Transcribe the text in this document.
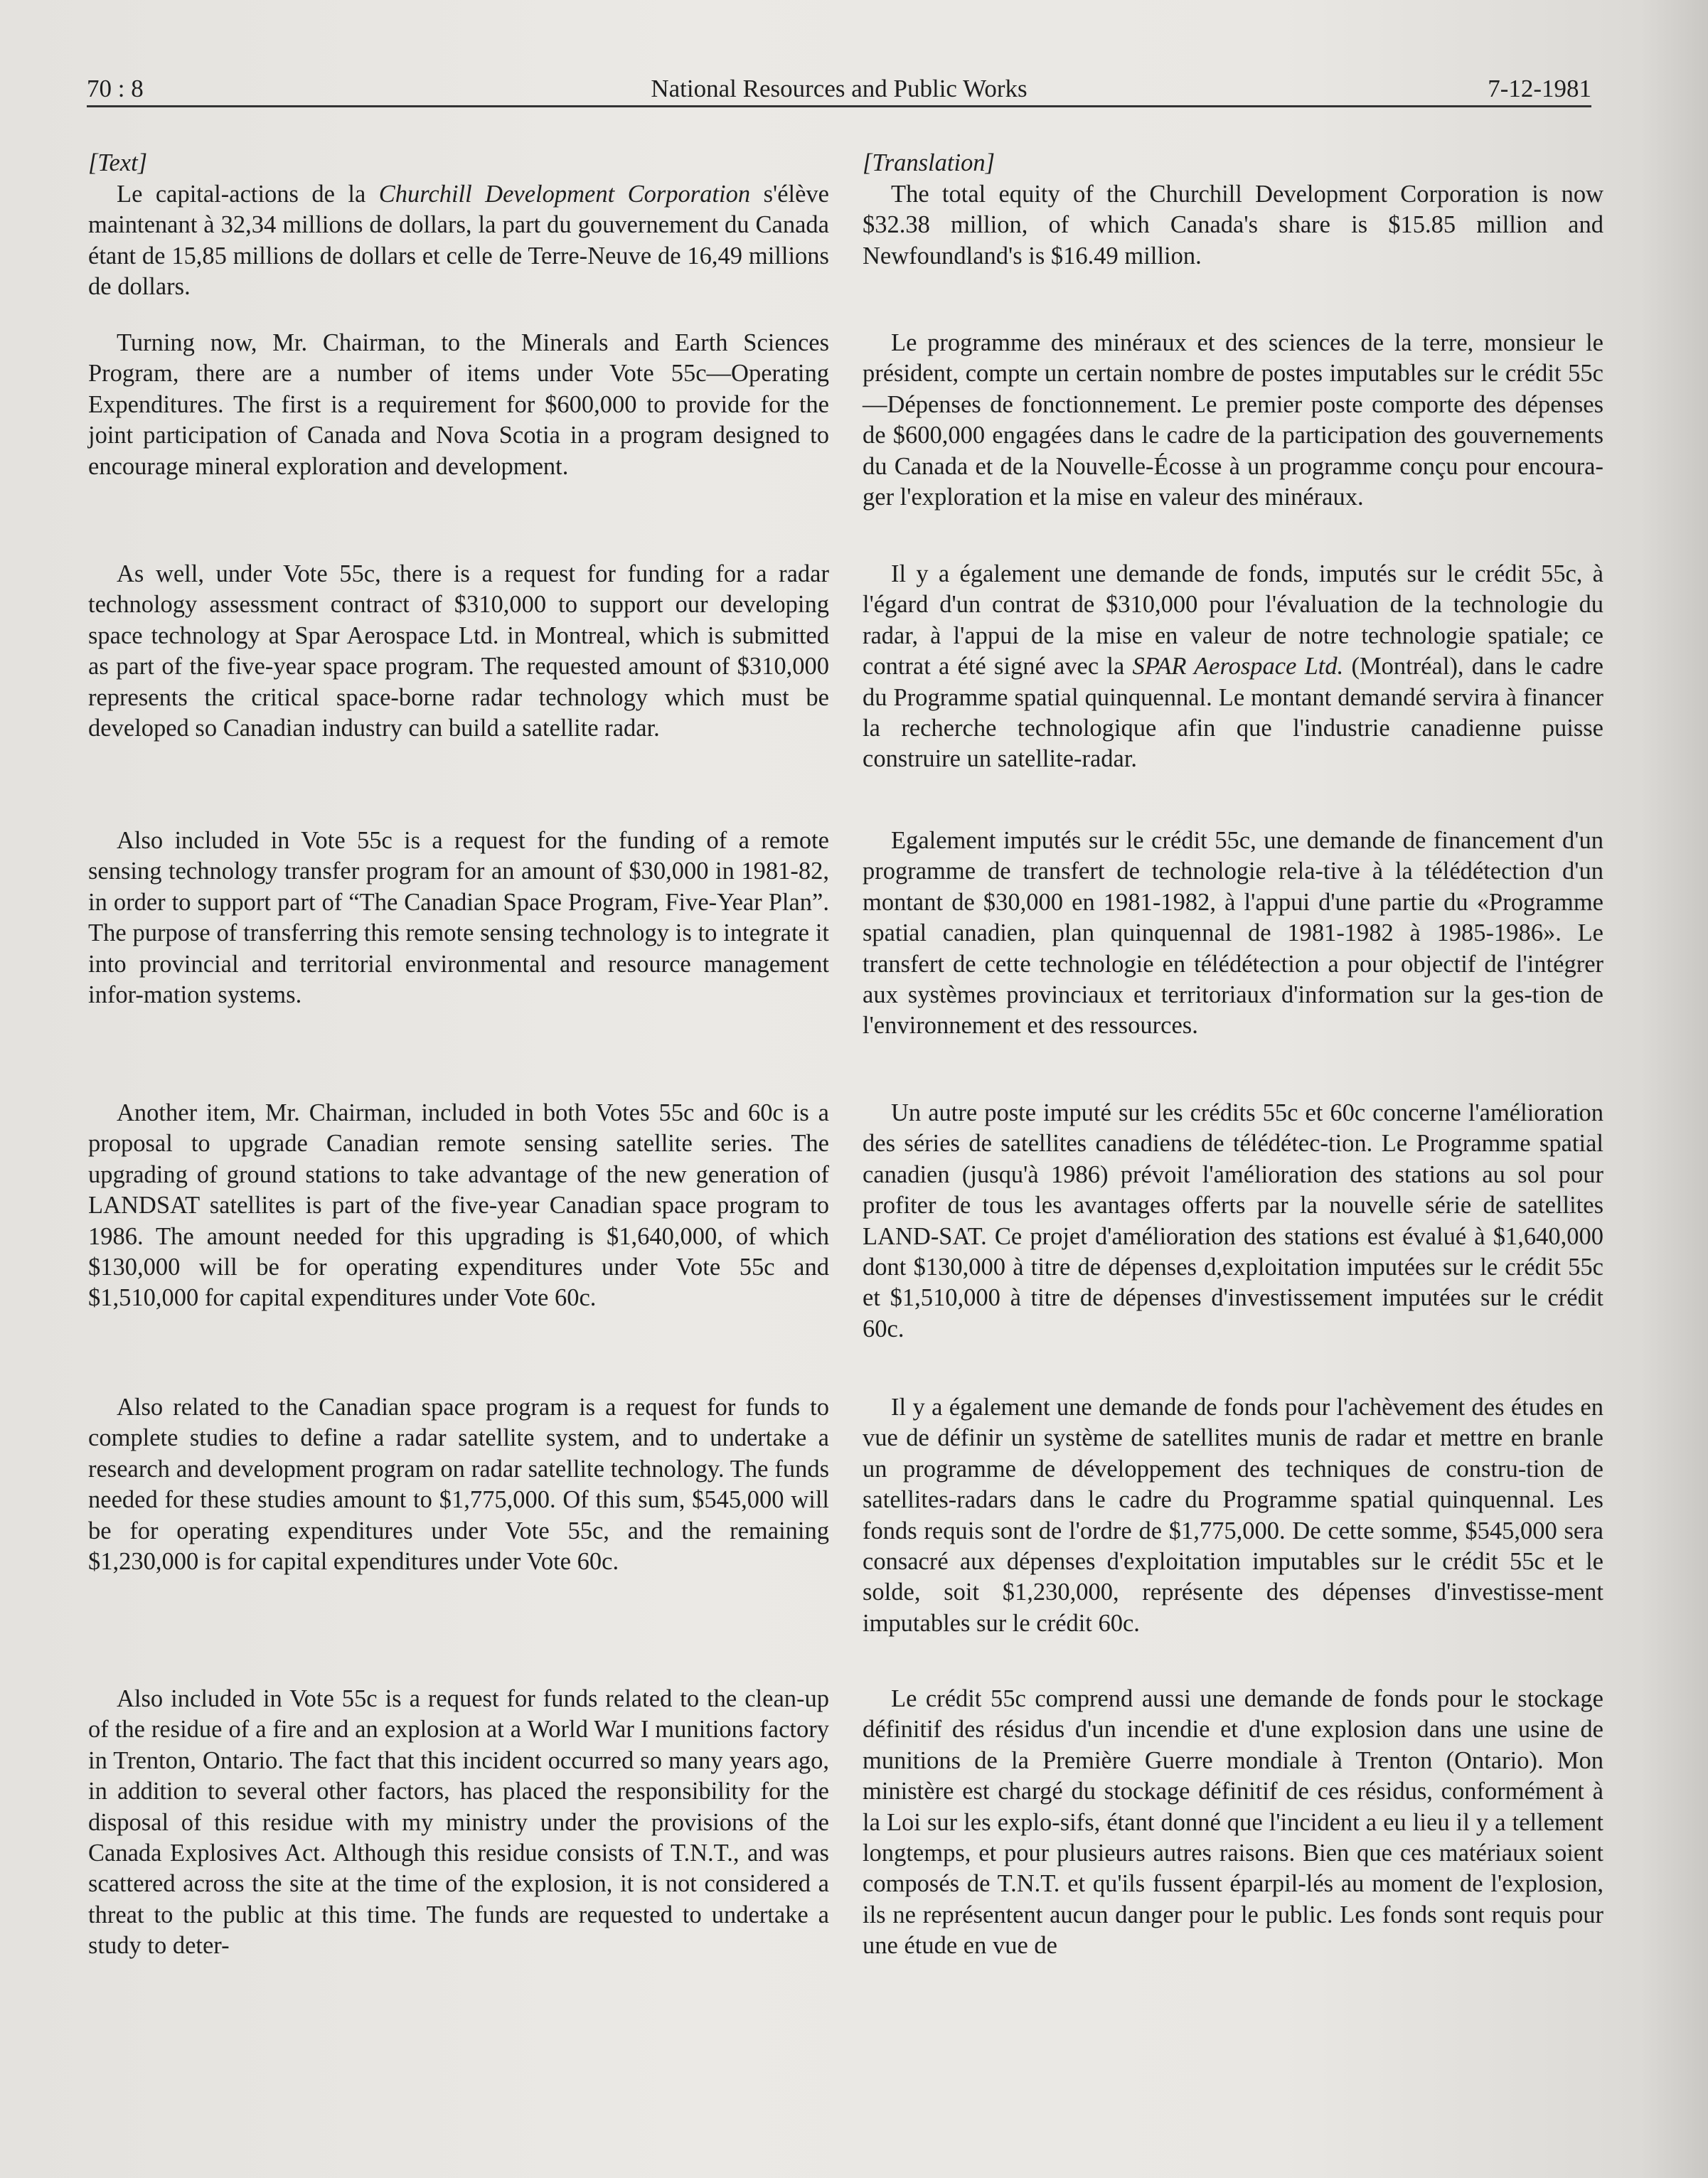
70 : 8	National Resources and Public Works	7-12-1981

[Text]

Le capital-actions de la Churchill Development Corporation s'élève maintenant à 32,34 millions de dollars, la part du gouvernement du Canada étant de 15,85 millions de dollars et celle de Terre-Neuve de 16,49 millions de dollars.

Turning now, Mr. Chairman, to the Minerals and Earth Sciences Program, there are a number of items under Vote 55c—Operating Expenditures. The first is a requirement for $600,000 to provide for the joint participation of Canada and Nova Scotia in a program designed to encourage mineral exploration and development.

As well, under Vote 55c, there is a request for funding for a radar technology assessment contract of $310,000 to support our developing space technology at Spar Aerospace Ltd. in Montreal, which is submitted as part of the five-year space program. The requested amount of $310,000 represents the critical space-borne radar technology which must be developed so Canadian industry can build a satellite radar.

Also included in Vote 55c is a request for the funding of a remote sensing technology transfer program for an amount of $30,000 in 1981-82, in order to support part of “The Canadian Space Program, Five-Year Plan”. The purpose of transferring this remote sensing technology is to integrate it into provincial and territorial environmental and resource management infor-mation systems.

Another item, Mr. Chairman, included in both Votes 55c and 60c is a proposal to upgrade Canadian remote sensing satellite series. The upgrading of ground stations to take advantage of the new generation of LANDSAT satellites is part of the five-year Canadian space program to 1986. The amount needed for this upgrading is $1,640,000, of which $130,000 will be for operating expenditures under Vote 55c and $1,510,000 for capital expenditures under Vote 60c.

Also related to the Canadian space program is a request for funds to complete studies to define a radar satellite system, and to undertake a research and development program on radar satellite technology. The funds needed for these studies amount to $1,775,000. Of this sum, $545,000 will be for operating expenditures under Vote 55c, and the remaining $1,230,000 is for capital expenditures under Vote 60c.

Also included in Vote 55c is a request for funds related to the clean-up of the residue of a fire and an explosion at a World War I munitions factory in Trenton, Ontario. The fact that this incident occurred so many years ago, in addition to several other factors, has placed the responsibility for the disposal of this residue with my ministry under the provisions of the Canada Explosives Act. Although this residue consists of T.N.T., and was scattered across the site at the time of the explosion, it is not considered a threat to the public at this time. The funds are requested to undertake a study to deter-

[Translation]

The total equity of the Churchill Development Corporation is now $32.38 million, of which Canada's share is $15.85 million and Newfoundland's is $16.49 million.

Le programme des minéraux et des sciences de la terre, monsieur le président, compte un certain nombre de postes imputables sur le crédit 55c—Dépenses de fonctionnement. Le premier poste comporte des dépenses de $600,000 engagées dans le cadre de la participation des gouvernements du Canada et de la Nouvelle-Écosse à un programme conçu pour encoura-ger l'exploration et la mise en valeur des minéraux.

Il y a également une demande de fonds, imputés sur le crédit 55c, à l'égard d'un contrat de $310,000 pour l'évaluation de la technologie du radar, à l'appui de la mise en valeur de notre technologie spatiale; ce contrat a été signé avec la SPAR Aerospace Ltd. (Montréal), dans le cadre du Programme spatial quinquennal. Le montant demandé servira à financer la recherche technologique afin que l'industrie canadienne puisse construire un satellite-radar.

Egalement imputés sur le crédit 55c, une demande de financement d'un programme de transfert de technologie rela-tive à la télédétection d'un montant de $30,000 en 1981-1982, à l'appui d'une partie du «Programme spatial canadien, plan quinquennal de 1981-1982 à 1985-1986». Le transfert de cette technologie en télédétection a pour objectif de l'intégrer aux systèmes provinciaux et territoriaux d'information sur la ges-tion de l'environnement et des ressources.

Un autre poste imputé sur les crédits 55c et 60c concerne l'amélioration des séries de satellites canadiens de télédétec-tion. Le Programme spatial canadien (jusqu'à 1986) prévoit l'amélioration des stations au sol pour profiter de tous les avantages offerts par la nouvelle série de satellites LAND-SAT. Ce projet d'amélioration des stations est évalué à $1,640,000 dont $130,000 à titre de dépenses d,exploitation imputées sur le crédit 55c et $1,510,000 à titre de dépenses d'investissement imputées sur le crédit 60c.

Il y a également une demande de fonds pour l'achèvement des études en vue de définir un système de satellites munis de radar et mettre en branle un programme de développement des techniques de constru-tion de satellites-radars dans le cadre du Programme spatial quinquennal. Les fonds requis sont de l'ordre de $1,775,000. De cette somme, $545,000 sera consacré aux dépenses d'exploitation imputables sur le crédit 55c et le solde, soit $1,230,000, représente des dépenses d'investisse-ment imputables sur le crédit 60c.

Le crédit 55c comprend aussi une demande de fonds pour le stockage définitif des résidus d'un incendie et d'une explosion dans une usine de munitions de la Première Guerre mondiale à Trenton (Ontario). Mon ministère est chargé du stockage définitif de ces résidus, conformément à la Loi sur les explo-sifs, étant donné que l'incident a eu lieu il y a tellement longtemps, et pour plusieurs autres raisons. Bien que ces matériaux soient composés de T.N.T. et qu'ils fussent éparpil-lés au moment de l'explosion, ils ne représentent aucun danger pour le public. Les fonds sont requis pour une étude en vue de
